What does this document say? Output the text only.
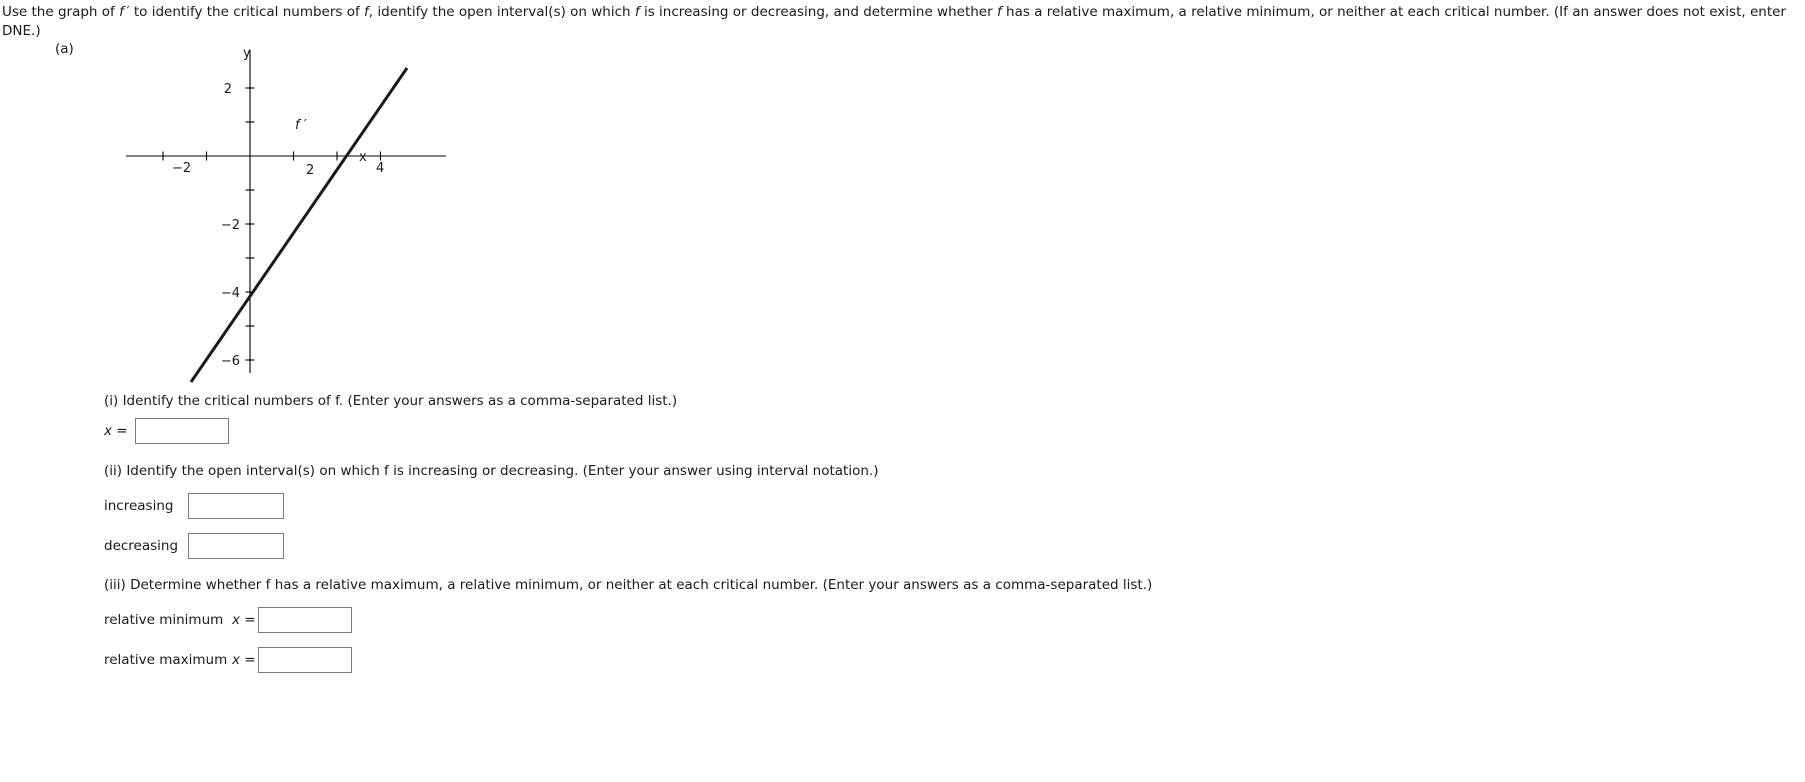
Use the graph of f ′ to identify the critical numbers of f, identify the open interval(s) on which f is increasing or decreasing, and determine whether f has a relative maximum, a relative minimum, or neither at each critical number. (If an answer does not exist, enter DNE.)
(a)
x
y
−2	2	4
2
−2
−4
−6
f ′
(i) Identify the critical numbers of f. (Enter your answers as a comma-separated list.)
x =
(ii) Identify the open interval(s) on which f is increasing or decreasing. (Enter your answer using interval notation.)
increasing
decreasing
(iii) Determine whether f has a relative maximum, a relative minimum, or neither at each critical number. (Enter your answers as a comma-separated list.)
relative minimum x =
relative maximum x =
